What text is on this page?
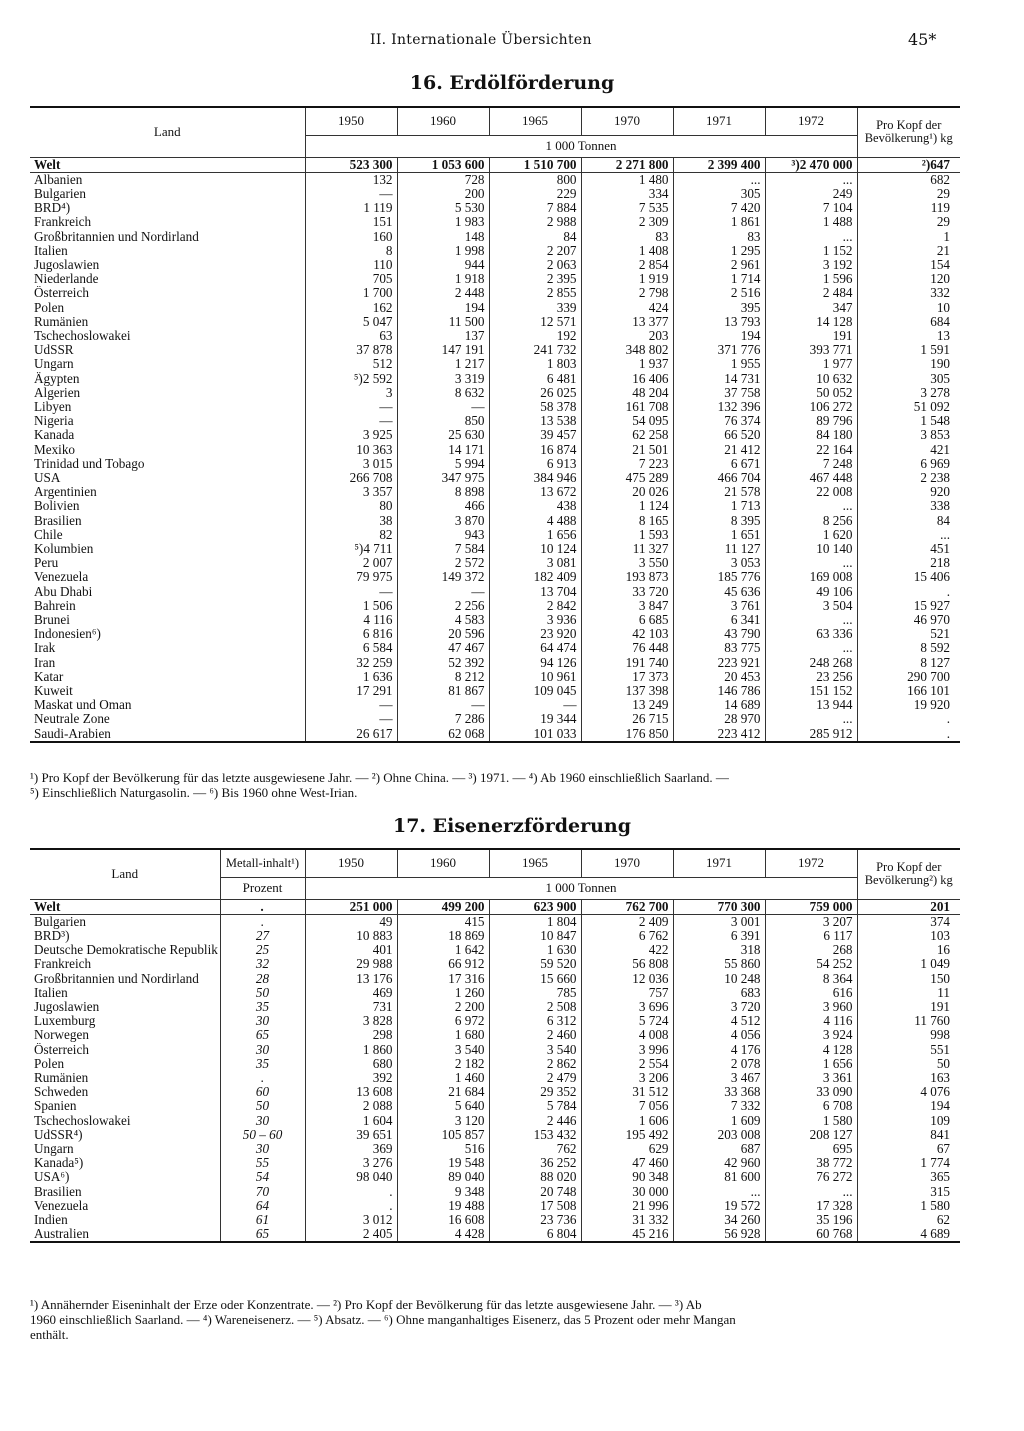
II. Internationale Übersichten	45*
16. Erdölförderung
Land	1950	1960	1965	1970	1971	1972	Pro Kopf der Bevölkerung¹) kg
	1 000 Tonnen						
Welt	523 300	1 053 600	1 510 700	2 271 800	2 399 400	³)2 470 000	²)647
Albanien	132	728	800	1 480	...	...	682
Bulgarien	—	200	229	334	305	249	29
BRD⁴)	1 119	5 530	7 884	7 535	7 420	7 104	119
Frankreich	151	1 983	2 988	2 309	1 861	1 488	29
Großbritannien und Nordirland	160	148	84	83	83	...	1
Italien	8	1 998	2 207	1 408	1 295	1 152	21
Jugoslawien	110	944	2 063	2 854	2 961	3 192	154
Niederlande	705	1 918	2 395	1 919	1 714	1 596	120
Österreich	1 700	2 448	2 855	2 798	2 516	2 484	332
Polen	162	194	339	424	395	347	10
Rumänien	5 047	11 500	12 571	13 377	13 793	14 128	684
Tschechoslowakei	63	137	192	203	194	191	13
UdSSR	37 878	147 191	241 732	348 802	371 776	393 771	1 591
Ungarn	512	1 217	1 803	1 937	1 955	1 977	190
Ägypten	⁵)2 592	3 319	6 481	16 406	14 731	10 632	305
Algerien	3	8 632	26 025	48 204	37 758	50 052	3 278
Libyen	—	—	58 378	161 708	132 396	106 272	51 092
Nigeria	—	850	13 538	54 095	76 374	89 796	1 548
Kanada	3 925	25 630	39 457	62 258	66 520	84 180	3 853
Mexiko	10 363	14 171	16 874	21 501	21 412	22 164	421
Trinidad und Tobago	3 015	5 994	6 913	7 223	6 671	7 248	6 969
USA	266 708	347 975	384 946	475 289	466 704	467 448	2 238
Argentinien	3 357	8 898	13 672	20 026	21 578	22 008	920
Bolivien	80	466	438	1 124	1 713	...	338
Brasilien	38	3 870	4 488	8 165	8 395	8 256	84
Chile	82	943	1 656	1 593	1 651	1 620	...
Kolumbien	⁵)4 711	7 584	10 124	11 327	11 127	10 140	451
Peru	2 007	2 572	3 081	3 550	3 053	...	218
Venezuela	79 975	149 372	182 409	193 873	185 776	169 008	15 406
Abu Dhabi	—	—	13 704	33 720	45 636	49 106	.
Bahrein	1 506	2 256	2 842	3 847	3 761	3 504	15 927
Brunei	4 116	4 583	3 936	6 685	6 341	...	46 970
Indonesien⁶)	6 816	20 596	23 920	42 103	43 790	63 336	521
Irak	6 584	47 467	64 474	76 448	83 775	...	8 592
Iran	32 259	52 392	94 126	191 740	223 921	248 268	8 127
Katar	1 636	8 212	10 961	17 373	20 453	23 256	290 700
Kuweit	17 291	81 867	109 045	137 398	146 786	151 152	166 101
Maskat und Oman	—	—	—	13 249	14 689	13 944	19 920
Neutrale Zone	—	7 286	19 344	26 715	28 970	...	.
Saudi-Arabien	26 617	62 068	101 033	176 850	223 412	285 912	.
¹) Pro Kopf der Bevölkerung für das letzte ausgewiesene Jahr. — ²) Ohne China. — ³) 1971. — ⁴) Ab 1960 einschließlich Saarland. —
⁵) Einschließlich Naturgasolin. — ⁶) Bis 1960 ohne West-Irian.
17. Eisenerzförderung
Land	Metall-inhalt¹)	1950	1960	1965	1970	1971	1972	Pro Kopf der Bevölkerung²) kg
	Prozent	1 000 Tonnen						
Welt	.	251 000	499 200	623 900	762 700	770 300	759 000	201
Bulgarien	.	49	415	1 804	2 409	3 001	3 207	374
BRD³)	27	10 883	18 869	10 847	6 762	6 391	6 117	103
Deutsche Demokratische Republik	25	401	1 642	1 630	422	318	268	16
Frankreich	32	29 988	66 912	59 520	56 808	55 860	54 252	1 049
Großbritannien und Nordirland	28	13 176	17 316	15 660	12 036	10 248	8 364	150
Italien	50	469	1 260	785	757	683	616	11
Jugoslawien	35	731	2 200	2 508	3 696	3 720	3 960	191
Luxemburg	30	3 828	6 972	6 312	5 724	4 512	4 116	11 760
Norwegen	65	298	1 680	2 460	4 008	4 056	3 924	998
Österreich	30	1 860	3 540	3 540	3 996	4 176	4 128	551
Polen	35	680	2 182	2 862	2 554	2 078	1 656	50
Rumänien	.	392	1 460	2 479	3 206	3 467	3 361	163
Schweden	60	13 608	21 684	29 352	31 512	33 368	33 090	4 076
Spanien	50	2 088	5 640	5 784	7 056	7 332	6 708	194
Tschechoslowakei	30	1 604	3 120	2 446	1 606	1 609	1 580	109
UdSSR⁴)	50 – 60	39 651	105 857	153 432	195 492	203 008	208 127	841
Ungarn	30	369	516	762	629	687	695	67
Kanada⁵)	55	3 276	19 548	36 252	47 460	42 960	38 772	1 774
USA⁶)	54	98 040	89 040	88 020	90 348	81 600	76 272	365
Brasilien	70	.	9 348	20 748	30 000	...	...	315
Venezuela	64	.	19 488	17 508	21 996	19 572	17 328	1 580
Indien	61	3 012	16 608	23 736	31 332	34 260	35 196	62
Australien	65	2 405	4 428	6 804	45 216	56 928	60 768	4 689
¹) Annähernder Eiseninhalt der Erze oder Konzentrate. — ²) Pro Kopf der Bevölkerung für das letzte ausgewiesene Jahr. — ³) Ab
1960 einschließlich Saarland. — ⁴) Wareneisenerz. — ⁵) Absatz. — ⁶) Ohne manganhaltiges Eisenerz, das 5 Prozent oder mehr Mangan
enthält.
